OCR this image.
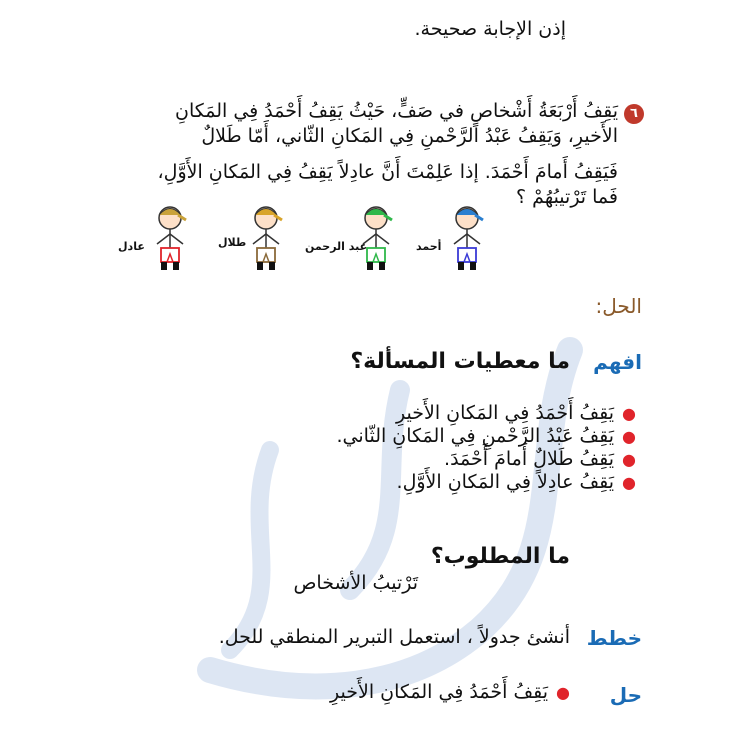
إذن الإجابة صحيحة.
٦
يَقِفُ أَرْبَعَةُ أَشْخاصٍ في صَفٍّ، حَيْثُ يَقِفُ أَحْمَدُ فِي المَكانِ
الأَخيرِ، وَيَقِفُ عَبْدُ الرَّحْمنِ فِي المَكانِ الثّاني، أَمّا طَلالٌ
فَيَقِفُ أَمامَ أَحْمَدَ. إذا عَلِمْتَ أَنَّ عادِلاً يَقِفُ فِي المَكانِ الأَوَّلِ،
فَما تَرْتيبُهُمْ ؟
أحمد
عبد الرحمن
طلال
عادل
الحل:
افهم
ما معطيات المسألة؟
●
يَقِفُ أَحْمَدُ فِي المَكانِ الأَخيرِ
●
يَقِفُ عَبْدُ الرَّحْمنِ فِي المَكانِ الثّاني.
●
يَقِفُ طَلالٌ أَمامَ أَحْمَدَ.
●
يَقِفُ عادِلاً فِي المَكانِ الأَوَّلِ.
ما المطلوب؟
تَرْتيبُ الأشخاص
خطط
أنشئ جدولاً ، استعمل التبرير المنطقي للحل.
حل
●
يَقِفُ أَحْمَدُ فِي المَكانِ الأَخيرِ
